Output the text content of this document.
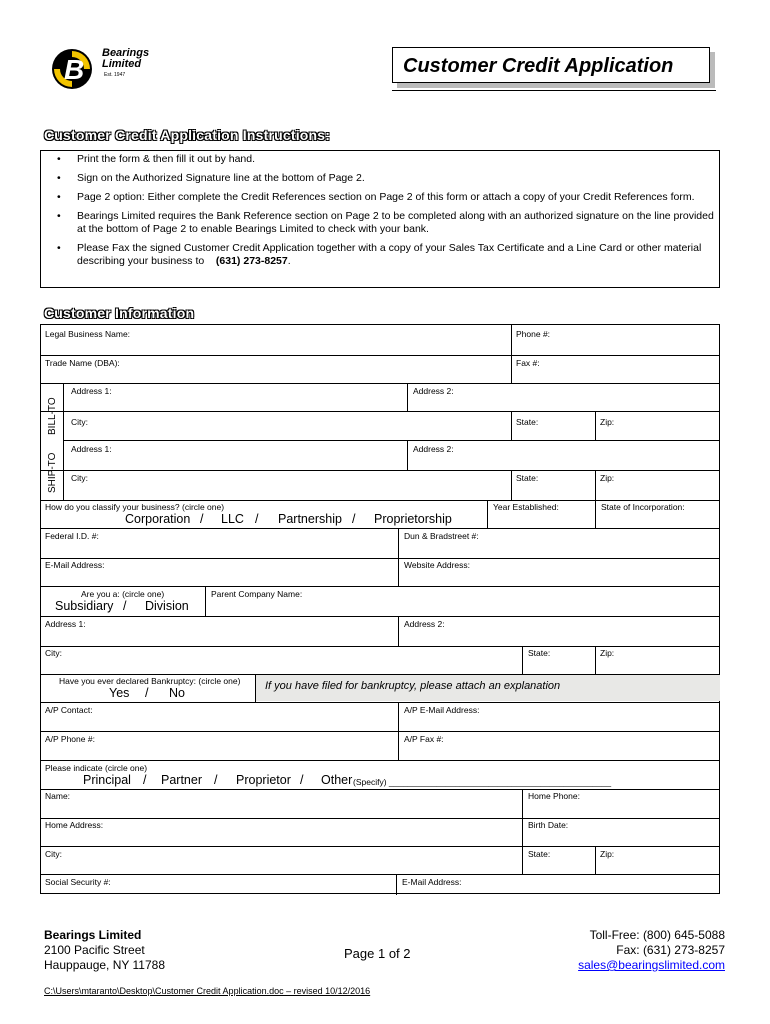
B
Bearings
Limited
Est. 1947	Customer Credit Application
Customer Credit Application Instructions:
• Print the form & then fill it out by hand.
• Sign on the Authorized Signature line at the bottom of Page 2.
• Page 2 option: Either complete the Credit References section on Page 2 of this form or attach a copy of your Credit References form.
• Bearings Limited requires the Bank Reference section on Page 2 to be completed along with an authorized signature on the line provided at the bottom of Page 2 to enable Bearings Limited to check with your bank.
• Please Fax the signed Customer Credit Application together with a copy of your Sales Tax Certificate and a Line Card or other material describing your business to (631) 273-8257.
Customer Information
Legal Business Name:	Phone #:
Trade Name (DBA):	Fax #:
BILL-TO
Address 1:	Address 2:
City:	State:	Zip:
SHIP-TO
Address 1:	Address 2:
City:	State:	Zip:
How do you classify your business? (circle one)
Corporation / LLC / Partnership / Proprietorship
Year Established:	State of Incorporation:
Federal I.D. #:	Dun & Bradstreet #:
E-Mail Address:	Website Address:
Are you a: (circle one)
Subsidiary / Division
Parent Company Name:
Address 1:	Address 2:
City:	State:	Zip:
Have you ever declared Bankruptcy: (circle one)
Yes / No	If you have filed for bankruptcy, please attach an explanation
A/P Contact:	A/P E-Mail Address:
A/P Phone #:	A/P Fax #:
Please indicate (circle one)
Principal / Partner / Proprietor / Other (Specify) _______________________________________________
Name:	Home Phone:
Home Address:	Birth Date:
City:	State:	Zip:
Social Security #:	E-Mail Address:
Bearings Limited
2100 Pacific Street
Hauppauge, NY 11788
Page 1 of 2
Toll-Free: (800) 645-5088
Fax: (631) 273-8257
sales@bearingslimited.com
C:\Users\mtaranto\Desktop\Customer Credit Application.doc – revised 10/12/2016
